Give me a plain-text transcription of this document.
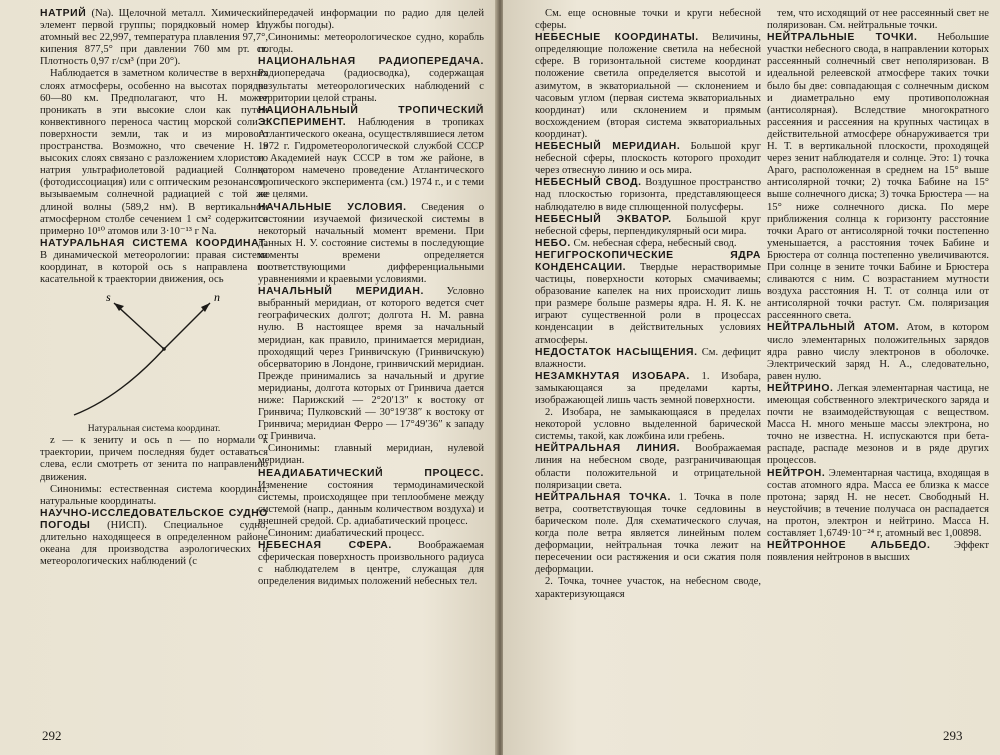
НАТРИЙ (Na). Щелочной металл. Химический элемент первой группы; порядковый номер 11, атомный вес 22,997, температура плавления 97,7°, кипения 877,5° при давлении 760 мм рт. ст. Плотность 0,97 г/см³ (при 20°).

Наблюдается в заметном количестве в верхних слоях атмосферы, особенно на высотах порядка 60—80 км. Предполагают, что Н. может проникать в эти высокие слои как путем конвективного переноса частиц морской соли с поверхности земли, так и из мирового пространства. Возможно, что свечение Н. в высоких слоях связано с разложением хлористого натрия ультрафиолетовой радиацией Солнца (фотодиссоциация) или с оптическим резонансом, вызываемым солнечной радиацией с той же длиной волны (589,2 нм). В вертикальном атмосферном столбе сечением 1 см² содержится примерно 10¹⁰ атомов или 3·10⁻¹³ г Na.

НАТУРАЛЬНАЯ СИСТЕМА КООРДИНАТ. В динамической метеорологии: правая система координат, в которой ось s направлена по касательной к траектории движения, ось

s	n

Натуральная система координат.

z — к зениту и ось n — по нормали к траектории, причем последняя будет оставаться слева, если смотреть от зенита по направлению движения.

Синонимы: естественная система координат, натуральные координаты.

НАУЧНО-ИССЛЕДОВАТЕЛЬСКОЕ СУДНО ПОГОДЫ (НИСП). Специальное судно, длительно находящееся в определенном районе океана для производства аэрологических и метеорологических наблюдений (с

передачей информации по радио для целей службы погоды).

Синонимы: метеорологическое судно, корабль погоды.

НАЦИОНАЛЬНАЯ РАДИОПЕРЕДАЧА. Радиопередача (радиосводка), содержащая результаты метеорологических наблюдений с территории целой страны.

НАЦИОНАЛЬНЫЙ ТРОПИЧЕСКИЙ ЭКСПЕРИМЕНТ. Наблюдения в тропиках Атлантического океана, осуществлявшиеся летом 1972 г. Гидрометеорологической службой СССР и Академией наук СССР в том же районе, в котором намечено проведение Атлантического тропического эксперимента (см.) 1974 г., и с теми же целями.

НАЧАЛЬНЫЕ УСЛОВИЯ. Сведения о состоянии изучаемой физической системы в некоторый начальный момент времени. При данных Н. У. состояние системы в последующие моменты времени определяется соответствующими дифференциальными уравнениями и краевыми условиями.

НАЧАЛЬНЫЙ МЕРИДИАН. Условно выбранный меридиан, от которого ведется счет географических долгот; долгота Н. М. равна нулю. В настоящее время за начальный меридиан, как правило, принимается меридиан, проходящий через Гринвичскую (Гринвичскую) обсерваторию в Лондоне, гринвичский меридиан. Прежде принимались за начальный и другие меридианы, долгота которых от Гринвича дается ниже: Парижский — 2°20′13″ к востоку от Гринвича; Пулковский — 30°19′38″ к востоку от Гринвича; меридиан Ферро — 17°49′36″ к западу от Гринвича.

Синонимы: главный меридиан, нулевой меридиан.

НЕАДИАБАТИЧЕСКИЙ ПРОЦЕСС. Изменение состояния термодинамической системы, происходящее при теплообмене между системой (напр., данным количеством воздуха) и внешней средой. Ср. адиабатический процесс.

Синоним: диабатический процесс.

НЕБЕСНАЯ СФЕРА. Воображаемая сферическая поверхность произвольного радиуса с наблюдателем в центре, служащая для определения видимых положений небесных тел.

292

См. еще основные точки и круги небесной сферы.

НЕБЕСНЫЕ КООРДИНАТЫ. Величины, определяющие положение светила на небесной сфере. В горизонтальной системе координат положение светила определяется высотой и азимутом, в экваториальной — склонением и часовым углом (первая система экваториальных координат) или склонением и прямым восхождением (вторая система экваториальных координат).

НЕБЕСНЫЙ МЕРИДИАН. Большой круг небесной сферы, плоскость которого проходит через отвесную линию и ось мира.

НЕБЕСНЫЙ СВОД. Воздушное пространство над плоскостью горизонта, представляющееся наблюдателю в виде сплющенной полусферы.

НЕБЕСНЫЙ ЭКВАТОР. Большой круг небесной сферы, перпендикулярный оси мира.

НЕБО. См. небесная сфера, небесный свод.

НЕГИГРОСКОПИЧЕСКИЕ ЯДРА КОНДЕНСАЦИИ. Твердые нерастворимые частицы, поверхности которых смачиваемы; образование капелек на них происходит лишь при размере больше размеры ядра. Н. Я. К. не играют существенной роли в процессах конденсации в действительных условиях атмосферы.

НЕДОСТАТОК НАСЫЩЕНИЯ. См. дефицит влажности.

НЕЗАМКНУТАЯ ИЗОБАРА. 1. Изобара, замыкающаяся за пределами карты, изображающей лишь часть земной поверхности.

2. Изобара, не замыкающаяся в пределах некоторой условно выделенной барической системы, такой, как ложбина или гребень.

НЕЙТРАЛЬНАЯ ЛИНИЯ. Воображаемая линия на небесном своде, разграничивающая области положительной и отрицательной поляризации света.

НЕЙТРАЛЬНАЯ ТОЧКА. 1. Точка в поле ветра, соответствующая точке седловины в барическом поле. Для схематического случая, когда поле ветра является линейным полем деформации, нейтральная точка лежит на пересечении оси растяжения и оси сжатия поля деформации.

2. Точка, точнее участок, на небесном своде, характеризующаяся

тем, что исходящий от нее рассеянный свет не поляризован. См. нейтральные точки.

НЕЙТРАЛЬНЫЕ ТОЧКИ. Небольшие участки небесного свода, в направлении которых рассеянный солнечный свет неполяризован. В идеальной релеевской атмосфере таких точки было бы две: совпадающая с солнечным диском и диаметрально ему противоположная (антисолярная). Вследствие многократного рассеяния и рассеяния на крупных частицах в действительной атмосфере обнаруживается три Н. Т. в вертикальной плоскости, проходящей через зенит наблюдателя и солнце. Это: 1) точка Араго, расположенная в среднем на 15° выше антисолярной точки; 2) точка Бабине на 15° выше солнечного диска; 3) точка Брюстера — на 15° ниже солнечного диска. По мере приближения солнца к горизонту расстояние точки Араго от антисолярной точки постепенно уменьшается, а расстояния точек Бабине и Брюстера от солнца постепенно увеличиваются. При солнце в зените точки Бабине и Брюстера сливаются с ним. С возрастанием мутности воздуха расстояния Н. Т. от солнца или от антисолярной точки растут. См. поляризация рассеянного света.

НЕЙТРАЛЬНЫЙ АТОМ. Атом, в котором число элементарных положительных зарядов ядра равно числу электронов в оболочке. Электрический заряд Н. А., следовательно, равен нулю.

НЕЙТРИНО. Легкая элементарная частица, не имеющая собственного электрического заряда и почти не взаимодействующая с веществом. Масса Н. много меньше массы электрона, но точно не известна. Н. испускаются при бета-распаде, распаде мезонов и в ряде других процессов.

НЕЙТРОН. Элементарная частица, входящая в состав атомного ядра. Масса ее близка к массе протона; заряд Н. не несет. Свободный Н. неустойчив; в течение получаса он распадается на протон, электрон и нейтрино. Масса Н. составляет 1,6749·10⁻²⁴ г, атомный вес 1,00898.

НЕЙТРОННОЕ АЛЬБЕДО. Эффект появления нейтронов в высших

293
